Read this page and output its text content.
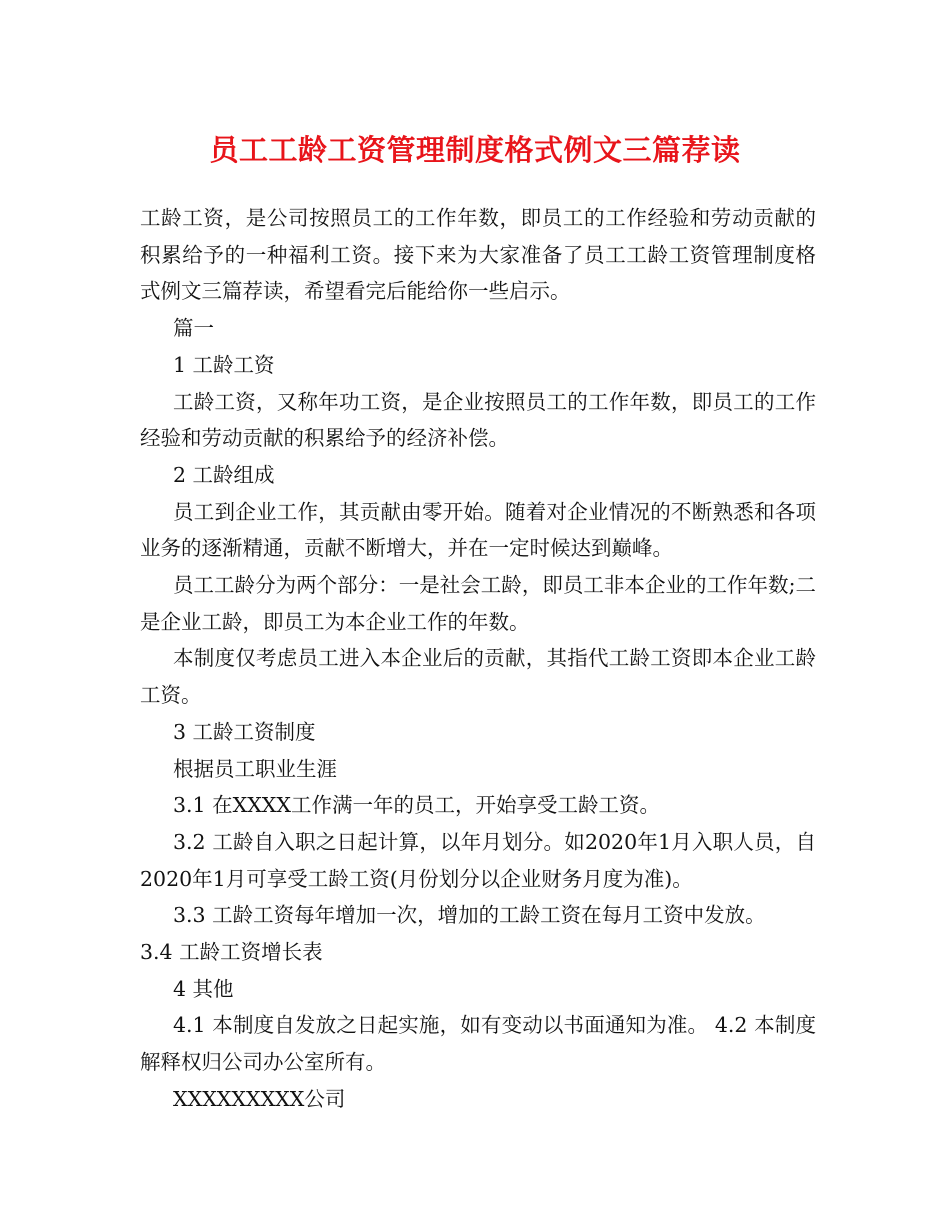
员工工龄工资管理制度格式例文三篇荐读

工龄工资，是公司按照员工的工作年数，即员工的工作经验和劳动贡献的积累给予的一种福利工资。接下来为大家准备了员工工龄工资管理制度格式例文三篇荐读，希望看完后能给你一些启示。

篇一

1 工龄工资

工龄工资，又称年功工资，是企业按照员工的工作年数，即员工的工作经验和劳动贡献的积累给予的经济补偿。

2 工龄组成

员工到企业工作，其贡献由零开始。随着对企业情况的不断熟悉和各项业务的逐渐精通，贡献不断增大，并在一定时候达到巅峰。

员工工龄分为两个部分：一是社会工龄，即员工非本企业的工作年数;二是企业工龄，即员工为本企业工作的年数。

本制度仅考虑员工进入本企业后的贡献，其指代工龄工资即本企业工龄工资。

3 工龄工资制度

根据员工职业生涯

3.1 在XXXX工作满一年的员工，开始享受工龄工资。

3.2 工龄自入职之日起计算，以年月划分。如2020年1月入职人员，自2020年1月可享受工龄工资(月份划分以企业财务月度为准)。

3.3 工龄工资每年增加一次，增加的工龄工资在每月工资中发放。

3.4 工龄工资增长表

4 其他

4.1 本制度自发放之日起实施，如有变动以书面通知为准。 4.2 本制度解释权归公司办公室所有。

XXXXXXXXX公司
